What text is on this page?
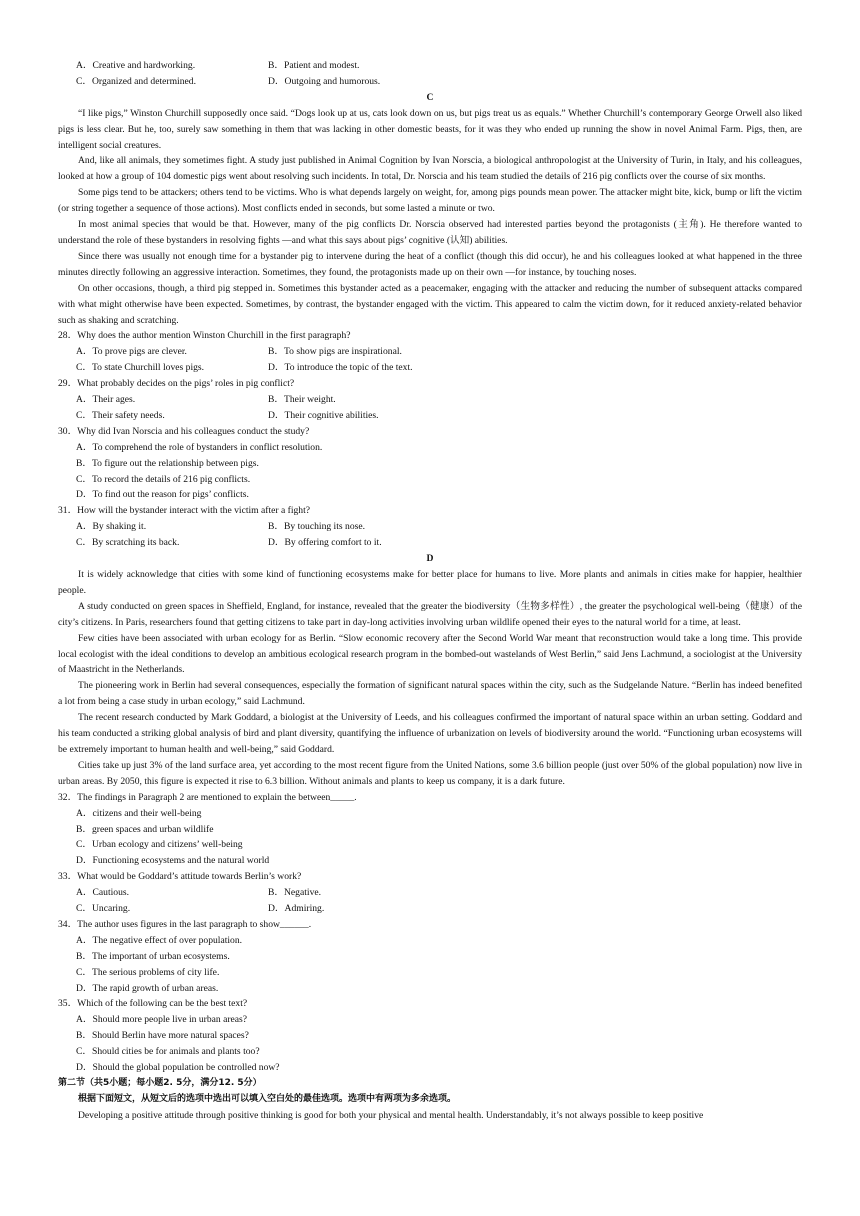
A．Creative and hardworking.	B．Patient and modest.
C．Organized and determined.	D．Outgoing and humorous.
C

“I like pigs,” Winston Churchill supposedly once said. “Dogs look up at us, cats look down on us, but pigs treat us as equals.” Whether Churchill’s contemporary George Orwell also liked pigs is less clear. But he, too, surely saw something in them that was lacking in other domestic beasts, for it was they who ended up running the show in novel Animal Farm. Pigs, then, are intelligent social creatures.

And, like all animals, they sometimes fight. A study just published in Animal Cognition by Ivan Norscia, a biological anthropologist at the University of Turin, in Italy, and his colleagues, looked at how a group of 104 domestic pigs went about resolving such incidents. In total, Dr. Norscia and his team studied the details of 216 pig conflicts over the course of six months.

Some pigs tend to be attackers; others tend to be victims. Who is what depends largely on weight, for, among pigs pounds mean power. The attacker might bite, kick, bump or lift the victim (or string together a sequence of those actions). Most conflicts ended in seconds, but some lasted a minute or two.

In most animal species that would be that. However, many of the pig conflicts Dr. Norscia observed had interested parties beyond the protagonists (主角). He therefore wanted to understand the role of these bystanders in resolving fights —and what this says about pigs’ cognitive (认知) abilities.

Since there was usually not enough time for a bystander pig to intervene during the heat of a conflict (though this did occur), he and his colleagues looked at what happened in the three minutes directly following an aggressive interaction. Sometimes, they found, the protagonists made up on their own —for instance, by touching noses.

On other occasions, though, a third pig stepped in. Sometimes this bystander acted as a peacemaker, engaging with the attacker and reducing the number of subsequent attacks compared with what might otherwise have been expected. Sometimes, by contrast, the bystander engaged with the victim. This appeared to calm the victim down, for it reduced anxiety-related behavior such as shaking and scratching.

28．Why does the author mention Winston Churchill in the first paragraph?
A．To prove pigs are clever.	B．To show pigs are inspirational.
C．To state Churchill loves pigs.	D．To introduce the topic of the text.
29．What probably decides on the pigs’ roles in pig conflict?
A．Their ages.	B．Their weight.
C．Their safety needs.	D．Their cognitive abilities.
30．Why did Ivan Norscia and his colleagues conduct the study?
A．To comprehend the role of bystanders in conflict resolution.
B．To figure out the relationship between pigs.
C．To record the details of 216 pig conflicts.
D．To find out the reason for pigs’ conflicts.
31．How will the bystander interact with the victim after a fight?
A．By shaking it.	B．By touching its nose.
C．By scratching its back.	D．By offering comfort to it.
D

It is widely acknowledge that cities with some kind of functioning ecosystems make for better place for humans to live. More plants and animals in cities make for happier, healthier people.

A study conducted on green spaces in Sheffield, England, for instance, revealed that the greater the biodiversity（生物多样性）, the greater the psychological well-being（健康）of the city’s citizens. In Paris, researchers found that getting citizens to take part in day-long activities involving urban wildlife opened their eyes to the natural world for a time, at least.

Few cities have been associated with urban ecology for as Berlin. “Slow economic recovery after the Second World War meant that reconstruction would take a long time. This provide local ecologist with the ideal conditions to develop an ambitious ecological research program in the bombed-out wastelands of West Berlin,” said Jens Lachmund, a sociologist at the University of Maastricht in the Netherlands.

The pioneering work in Berlin had several consequences, especially the formation of significant natural spaces within the city, such as the Sudgelande Nature. “Berlin has indeed benefited a lot from being a case study in urban ecology,” said Lachmund.

The recent research conducted by Mark Goddard, a biologist at the University of Leeds, and his colleagues confirmed the important of natural space within an urban setting. Goddard and his team conducted a striking global analysis of bird and plant diversity, quantifying the influence of urbanization on levels of biodiversity around the world. “Functioning urban ecosystems will be extremely important to human health and well-being,” said Goddard.

Cities take up just 3% of the land surface area, yet according to the most recent figure from the United Nations, some 3.6 billion people (just over 50% of the global population) now live in urban areas. By 2050, this figure is expected it rise to 6.3 billion. Without animals and plants to keep us company, it is a dark future.

32．The findings in Paragraph 2 are mentioned to explain the between_____.
A．citizens and their well-being
B．green spaces and urban wildlife
C．Urban ecology and citizens’ well-being
D．Functioning ecosystems and the natural world
33．What would be Goddard’s attitude towards Berlin’s work?
A．Cautious.	B．Negative.
C．Uncaring.	D．Admiring.
34．The author uses figures in the last paragraph to show______.
A．The negative effect of over population.
B．The important of urban ecosystems.
C．The serious problems of city life.
D．The rapid growth of urban areas.
35．Which of the following can be the best text?
A．Should more people live in urban areas?
B．Should Berlin have more natural spaces?
C．Should cities be for animals and plants too?
D．Should the global population be controlled now?
第二节（共5小题；每小题2. 5分，满分12. 5分）
根据下面短文，从短文后的选项中选出可以填入空白处的最佳选项。选项中有两项为多余选项。
Developing a positive attitude through positive thinking is good for both your physical and mental health. Understandably, it’s not always possible to keep positive
